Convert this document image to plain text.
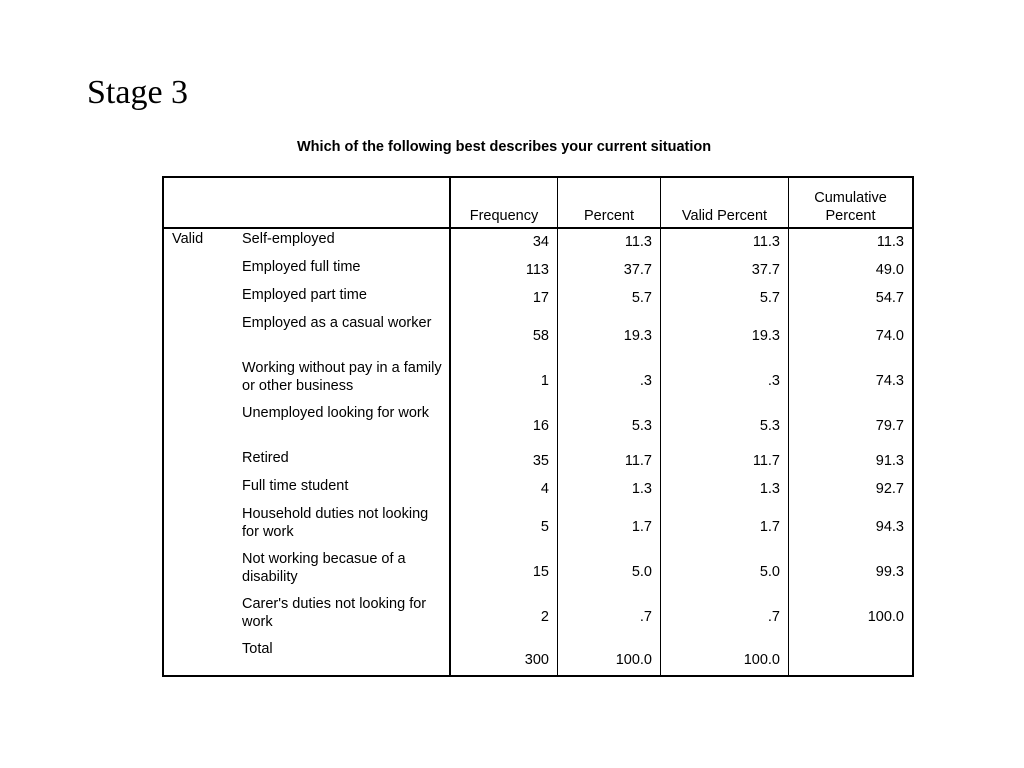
Stage 3
Which of the following best describes your current situation
		Frequency	Percent	Valid Percent	Cumulative
Percent

Valid	Self-employed	34	11.3	11.3	11.3
	Employed full time	113	37.7	37.7	49.0
	Employed part time	17	5.7	5.7	54.7
	Employed as a casual worker	58	19.3	19.3	74.0
	Working without pay in a family or other business	1	.3	.3	74.3
	Unemployed looking for work	16	5.3	5.3	79.7
	Retired	35	11.7	11.7	91.3
	Full time student	4	1.3	1.3	92.7
	Household duties not looking for work	5	1.7	1.7	94.3
	Not working becasue of a disability	15	5.0	5.0	99.3
	Carer's duties not looking for work	2	.7	.7	100.0
	Total	300	100.0	100.0	
